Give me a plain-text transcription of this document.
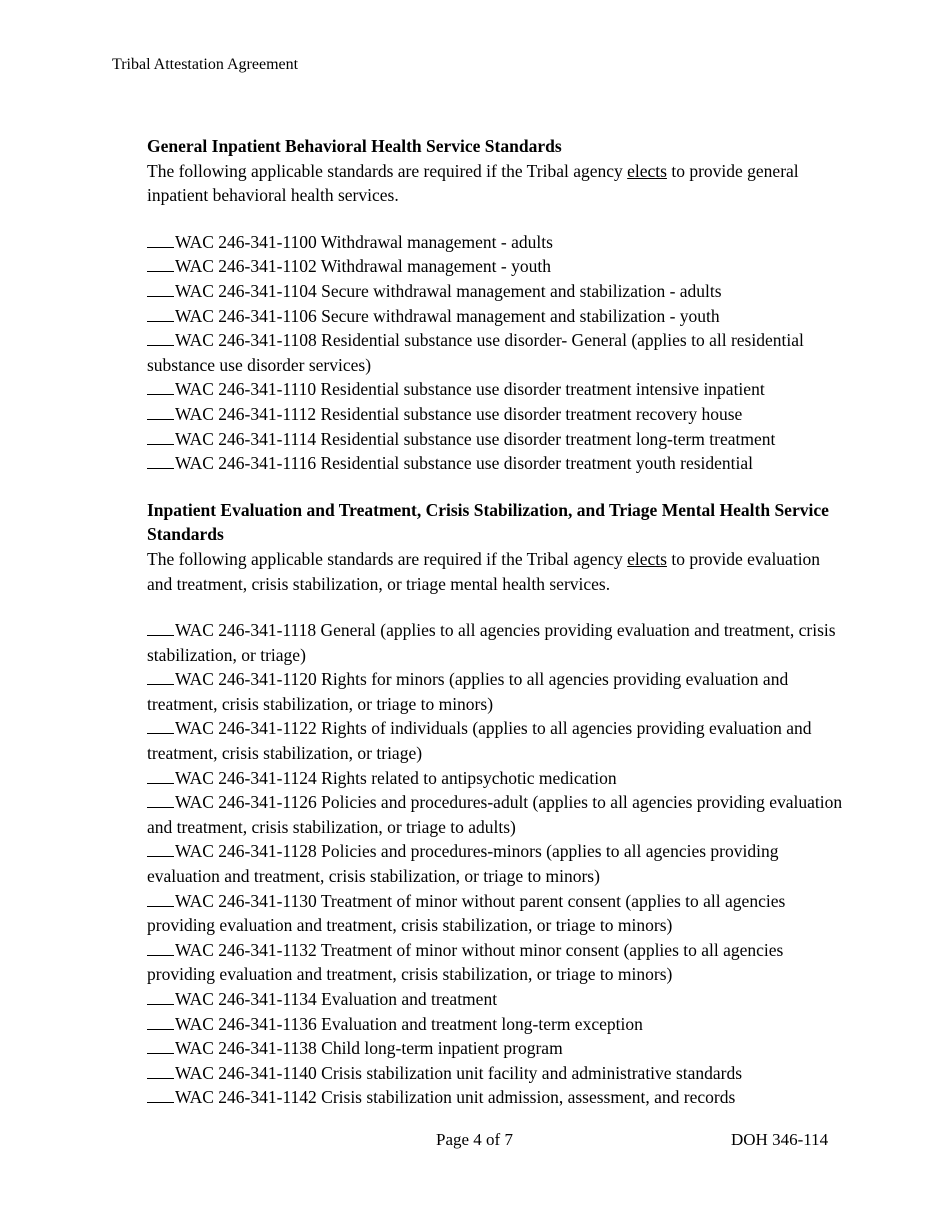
Tribal Attestation Agreement

General Inpatient Behavioral Health Service Standards

The following applicable standards are required if the Tribal agency elects to provide general inpatient behavioral health services.

WAC 246-341-1100 Withdrawal management - adults
WAC 246-341-1102 Withdrawal management - youth
WAC 246-341-1104 Secure withdrawal management and stabilization - adults
WAC 246-341-1106 Secure withdrawal management and stabilization - youth
WAC 246-341-1108 Residential substance use disorder- General (applies to all residential substance use disorder services)
WAC 246-341-1110 Residential substance use disorder treatment intensive inpatient
WAC 246-341-1112 Residential substance use disorder treatment recovery house
WAC 246-341-1114 Residential substance use disorder treatment long-term treatment
WAC 246-341-1116 Residential substance use disorder treatment youth residential

Inpatient Evaluation and Treatment, Crisis Stabilization, and Triage Mental Health Service Standards

The following applicable standards are required if the Tribal agency elects to provide evaluation and treatment, crisis stabilization, or triage mental health services.

WAC 246-341-1118 General (applies to all agencies providing evaluation and treatment, crisis stabilization, or triage)
WAC 246-341-1120 Rights for minors (applies to all agencies providing evaluation and treatment, crisis stabilization, or triage to minors)
WAC 246-341-1122 Rights of individuals (applies to all agencies providing evaluation and treatment, crisis stabilization, or triage)
WAC 246-341-1124 Rights related to antipsychotic medication
WAC 246-341-1126 Policies and procedures-adult (applies to all agencies providing evaluation and treatment, crisis stabilization, or triage to adults)
WAC 246-341-1128 Policies and procedures-minors (applies to all agencies providing evaluation and treatment, crisis stabilization, or triage to minors)
WAC 246-341-1130 Treatment of minor without parent consent (applies to all agencies providing evaluation and treatment, crisis stabilization, or triage to minors)
WAC 246-341-1132 Treatment of minor without minor consent (applies to all agencies providing evaluation and treatment, crisis stabilization, or triage to minors)
WAC 246-341-1134 Evaluation and treatment
WAC 246-341-1136 Evaluation and treatment long-term exception
WAC 246-341-1138 Child long-term inpatient program
WAC 246-341-1140 Crisis stabilization unit facility and administrative standards
WAC 246-341-1142 Crisis stabilization unit admission, assessment, and records
Page 4 of 7	DOH 346-114
